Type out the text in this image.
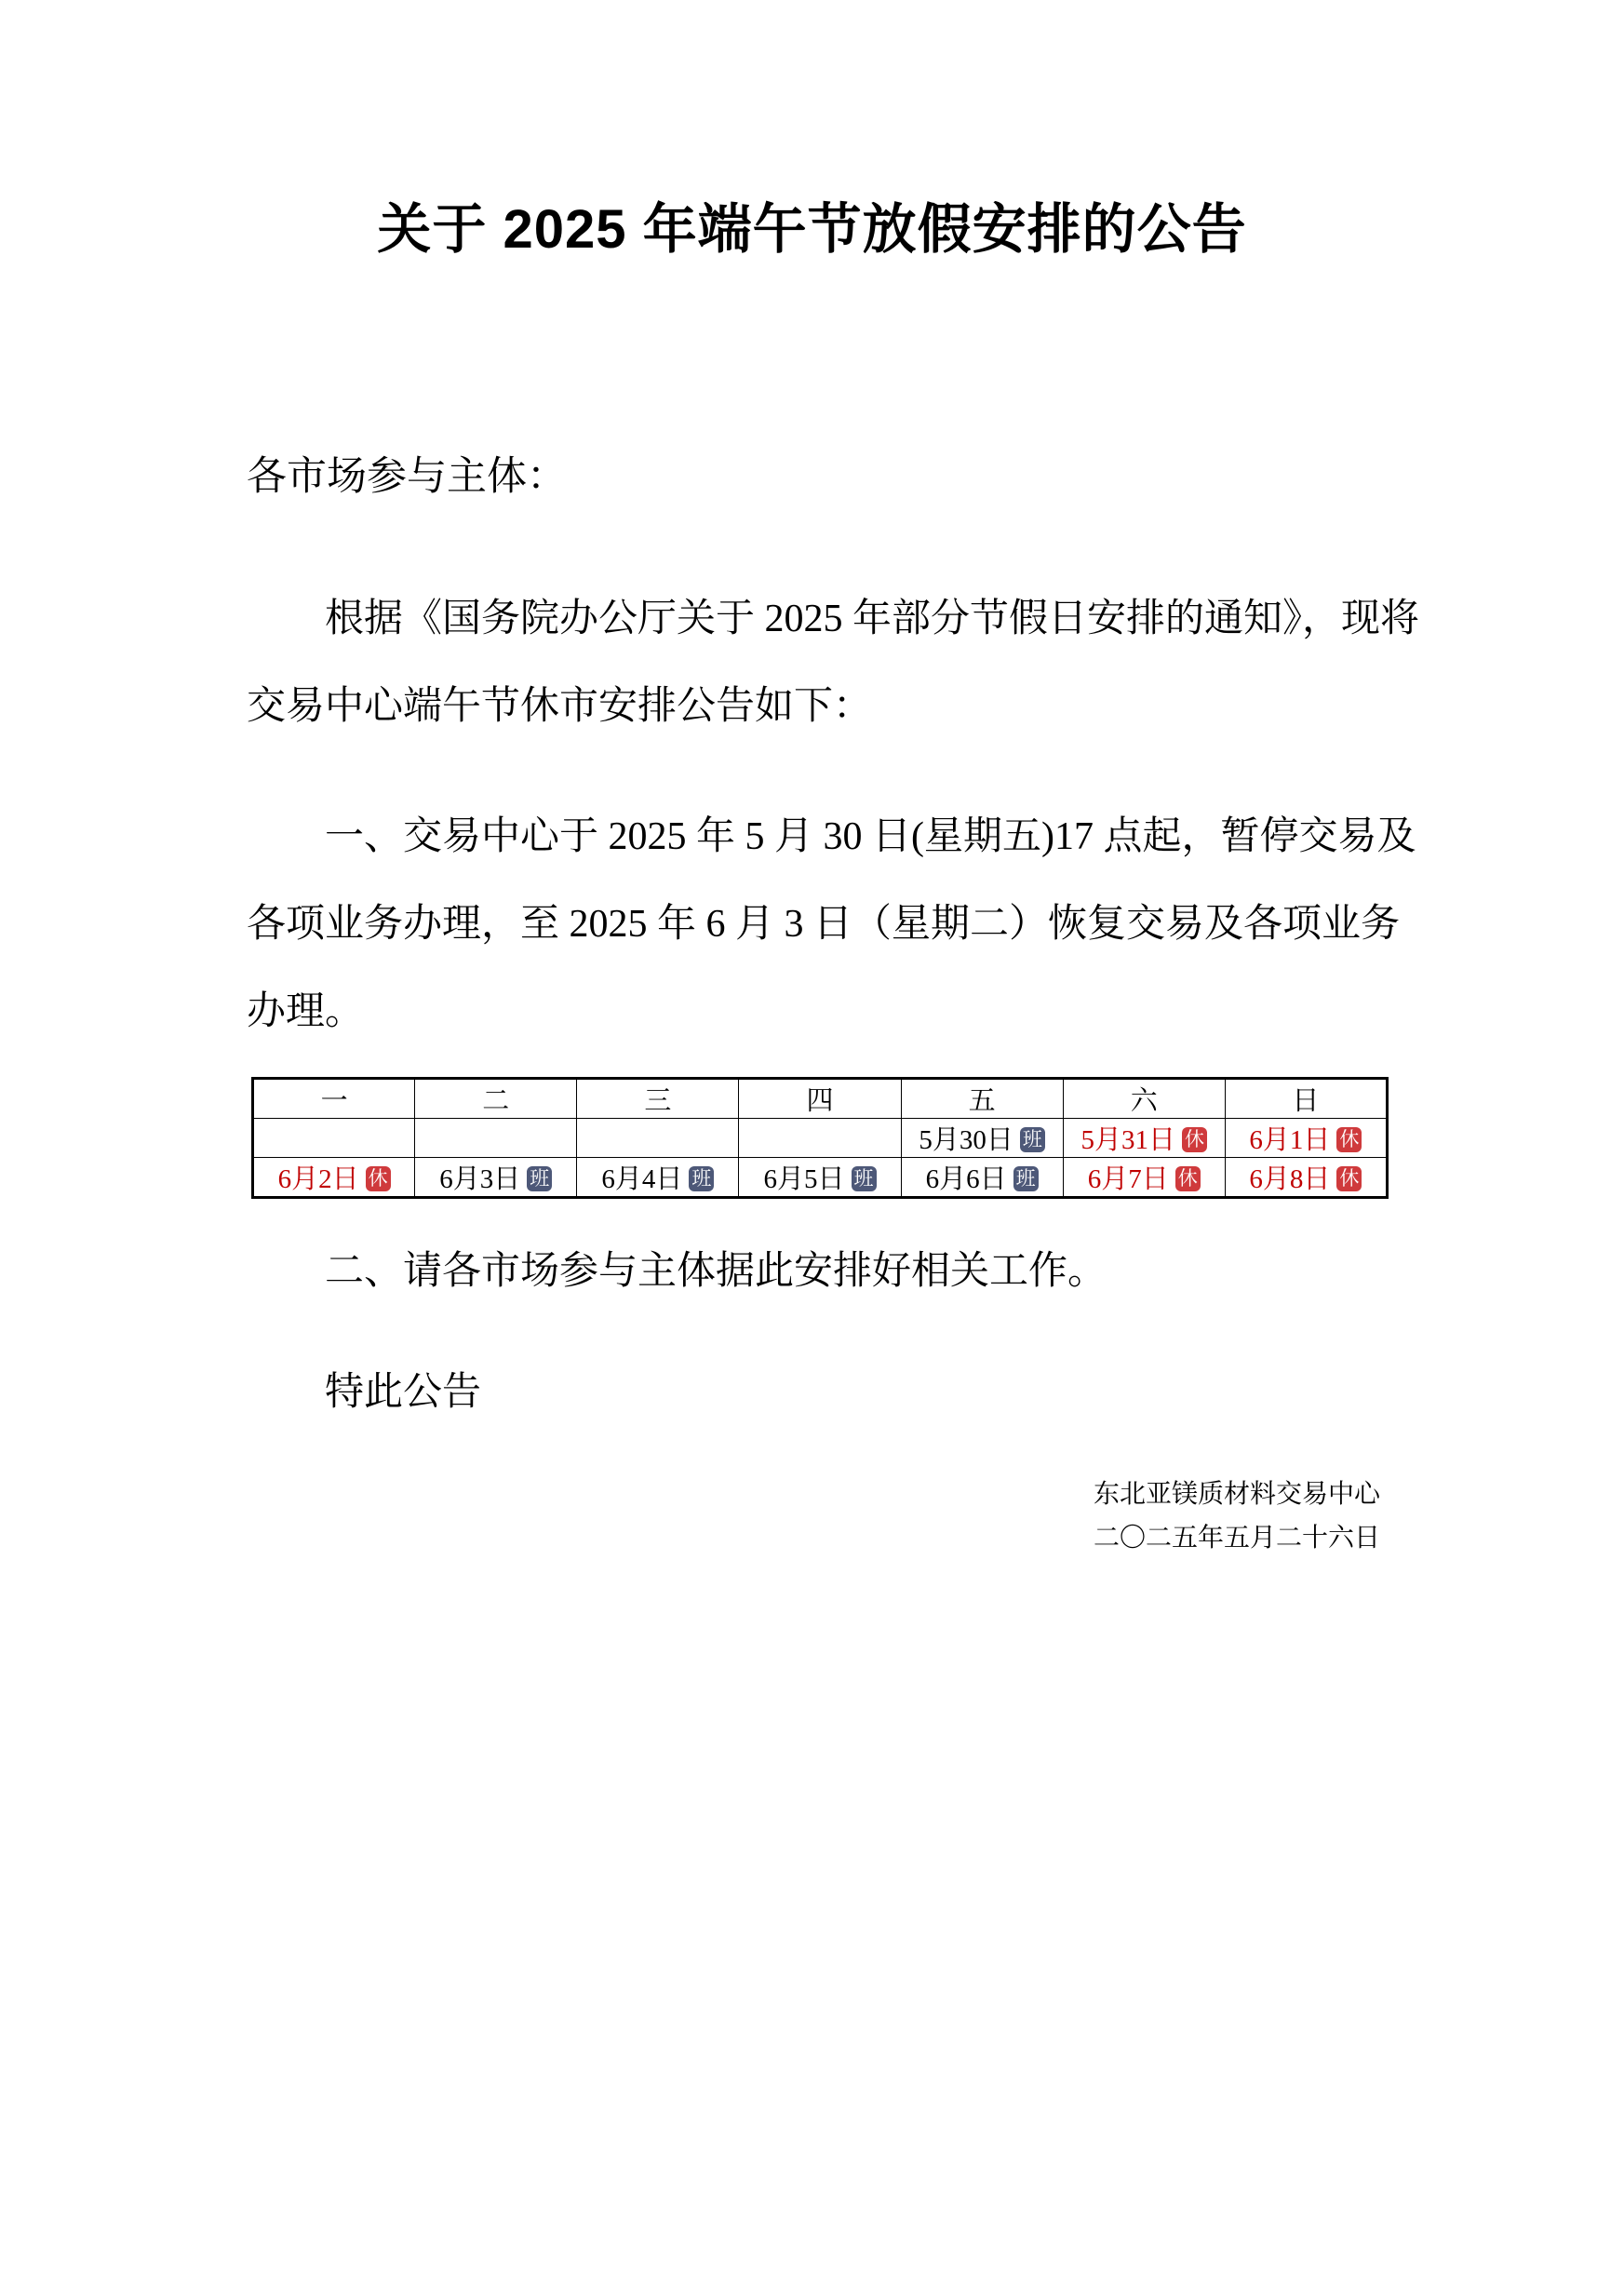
关于 2025 年端午节放假安排的公告
各市场参与主体：
根据《国务院办公厅关于 2025 年部分节假日安排的通知》，现将
交易中心端午节休市安排公告如下：
一、交易中心于 2025 年 5 月 30 日(星期五)17 点起，暂停交易及
各项业务办理，至 2025 年 6 月 3 日（星期二）恢复交易及各项业务
办理。
一	二	三	四	五	六	日
				5月30日 班	5月31日 休	6月1日 休
6月2日 休	6月3日 班	6月4日 班	6月5日 班	6月6日 班	6月7日 休	6月8日 休
二、请各市场参与主体据此安排好相关工作。
特此公告
东北亚镁质材料交易中心
二〇二五年五月二十六日
